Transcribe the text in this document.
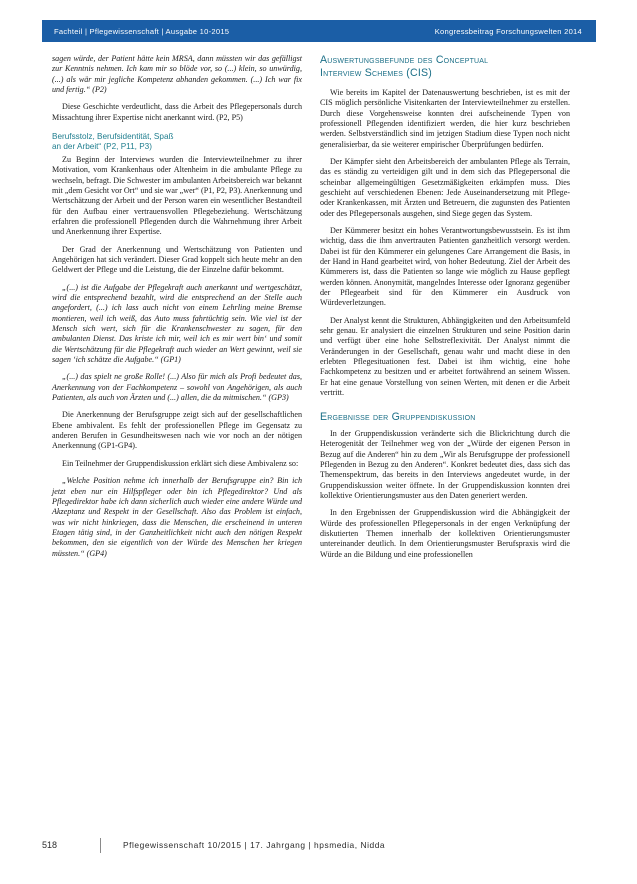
Fachteil | Pflegewissenschaft | Ausgabe 10-2015	Kongressbeitrag Forschungswelten 2014

sagen würde, der Patient hätte kein MRSA, dann müssten wir das gefälligst zur Kenntnis nehmen. Ich kam mir so blöde vor, so (...) klein, so unwürdig, (...) als wär mir jegliche Kompetenz abhanden gekommen. (...) Ich war fix und fertig.“ (P2)

Diese Geschichte verdeutlicht, dass die Arbeit des Pflegepersonals durch Missachtung ihrer Expertise nicht anerkannt wird. (P2, P5)

Berufsstolz, Berufsidentität, Spaß
an der Arbeit“ (P2, P11, P3)

Zu Beginn der Interviews wurden die Interviewteilnehmer zu ihrer Motivation, vom Krankenhaus oder Altenheim in die ambulante Pflege zu wechseln, befragt. Die Schwester im ambulanten Arbeitsbereich war bekannt mit „dem Gesicht vor Ort“ und sie war „wer“ (P1, P2, P3). Anerkennung und Wertschätzung der Arbeit und der Person waren ein wesentlicher Bestandteil für den Aufbau einer vertrauensvollen Pflegebeziehung. Wertschätzung erfahren die professionell Pflegenden durch die Wahrnehmung ihrer Arbeit und Anerkennung ihrer Expertise.

Der Grad der Anerkennung und Wertschätzung von Patienten und Angehörigen hat sich verändert. Dieser Grad koppelt sich heute mehr an den Geldwert der Pflege und die Leistung, die der Einzelne dafür bekommt.

„(...) ist die Aufgabe der Pflegekraft auch anerkannt und wertgeschätzt, wird die entsprechend bezahlt, wird die entsprechend an der Stelle auch angefordert, (...) ich lass auch nicht von einem Lehrling meine Bremse montieren, weil ich weiß, das Auto muss fahrtüchtig sein. Wie viel ist der Mensch sich wert, sich für die Krankenschwester zu sagen, für den ambulanten Dienst. Das kriste ich mir, weil ich es mir wert bin‘ und somit die Wertschätzung für die Pflegekraft auch wieder an Wert gewinnt, weil sie sagen ‘ich schätze die Aufgabe.“ (GP1)

„(...) das spielt ne große Rolle! (...) Also für mich als Profi bedeutet das, Anerkennung von der Fachkompetenz – sowohl von Angehörigen, als auch Patienten, als auch von Ärzten und (...) allen, die da mitmischen.“ (GP3)

Die Anerkennung der Berufsgruppe zeigt sich auf der gesellschaftlichen Ebene ambivalent. Es fehlt der professionellen Pflege im Gegensatz zu anderen Berufen in Gesundheitswesen nach wie vor noch an der nötigen Anerkennung (GP1-GP4).

Ein Teilnehmer der Gruppendiskussion erklärt sich diese Ambivalenz so:

„Welche Position nehme ich innerhalb der Berufsgruppe ein? Bin ich jetzt eben nur ein Hilfspfleger oder bin ich Pflegedirektor? Und als Pflegedirektor habe ich dann sicherlich auch wieder eine andere Würde und Akzeptanz und Respekt in der Gesellschaft. Also das Problem ist einfach, was wir nicht hinkriegen, dass die Menschen, die erscheinend in unteren Etagen tätig sind, in der Ganzheitlichkeit nicht auch den nötigen Respekt bekommen, den sie eigentlich von der Würde des Menschen her kriegen müssten.“ (GP4)

Auswertungsbefunde des Conceptual
Interview Schemes (CIS)

Wie bereits im Kapitel der Datenauswertung beschrieben, ist es mit der CIS möglich persönliche Visitenkarten der Interviewteilnehmer zu erstellen. Durch diese Vorgehensweise konnten drei aufscheinende Typen von professionell Pflegenden identifiziert werden, die hier kurz beschrieben werden. Selbstverständlich sind im jetzigen Stadium diese Typen noch nicht generalisierbar, da sie weiterer empirischer Überprüfungen bedürfen.

Der Kämpfer sieht den Arbeitsbereich der ambulanten Pflege als Terrain, das es ständig zu verteidigen gilt und in dem sich das Pflegepersonal die scheinbar allgemeingültigen Gesetzmäßigkeiten erkämpfen muss. Dies geschieht auf verschiedenen Ebenen: Jede Auseinandersetzung mit Pflege- oder Krankenkassen, mit Ärzten und Betreuern, die zugunsten des Patienten oder des Pflegepersonals ausgehen, sind Siege gegen das System.

Der Kümmerer besitzt ein hohes Verantwortungsbewusstsein. Es ist ihm wichtig, dass die ihm anvertrauten Patienten ganzheitlich versorgt werden. Dabei ist für den Kümmerer ein gelungenes Care Arrangement die Basis, in der Hand in Hand gearbeitet wird, von hoher Bedeutung. Ziel der Arbeit des Kümmerers ist, dass die Patienten so lange wie möglich zu Hause gepflegt werden können. Anonymität, mangelndes Interesse oder Ignoranz gegenüber der Pflegearbeit sind für den Kümmerer ein Ausdruck von Würdeverletzungen.

Der Analyst kennt die Strukturen, Abhängigkeiten und den Arbeitsumfeld sehr genau. Er analysiert die einzelnen Strukturen und seine Position darin und verfügt über eine hohe Selbstreflexivität. Der Analyst nimmt die Veränderungen in der Gesellschaft, genau wahr und macht diese in den erlebten Pflegesituationen fest. Dabei ist ihm wichtig, eine hohe Fachkompetenz zu besitzen und er arbeitet fortwährend an seinem Wissen. Er hat eine genaue Vorstellung von seinen Werten, mit denen er die Arbeit vertritt.

Ergebnisse der Gruppendiskussion

In der Gruppendiskussion veränderte sich die Blickrichtung durch die Heterogenität der Teilnehmer weg von der „Würde der eigenen Person in Bezug auf die Anderen“ hin zu dem „Wir als Berufsgruppe der professionell Pflegenden in Bezug zu den Anderen“. Konkret bedeutet dies, dass sich das Themenspektrum, das bereits in den Interviews angedeutet wurde, in der Gruppendiskussion weiter öffnete. In der Gruppendiskussion konnten drei kollektive Orientierungsmuster aus den Daten generiert werden.

In den Ergebnissen der Gruppendiskussion wird die Abhängigkeit der Würde des professionellen Pflegepersonals in der engen Verknüpfung der diskutierten Themen innerhalb der kollektiven Orientierungsmuster untereinander deutlich. In dem Orientierungsmuster Berufspraxis wird die Würde an die Bildung und eine professionellen

518	Pflegewissenschaft 10/2015 | 17. Jahrgang | hpsmedia, Nidda
